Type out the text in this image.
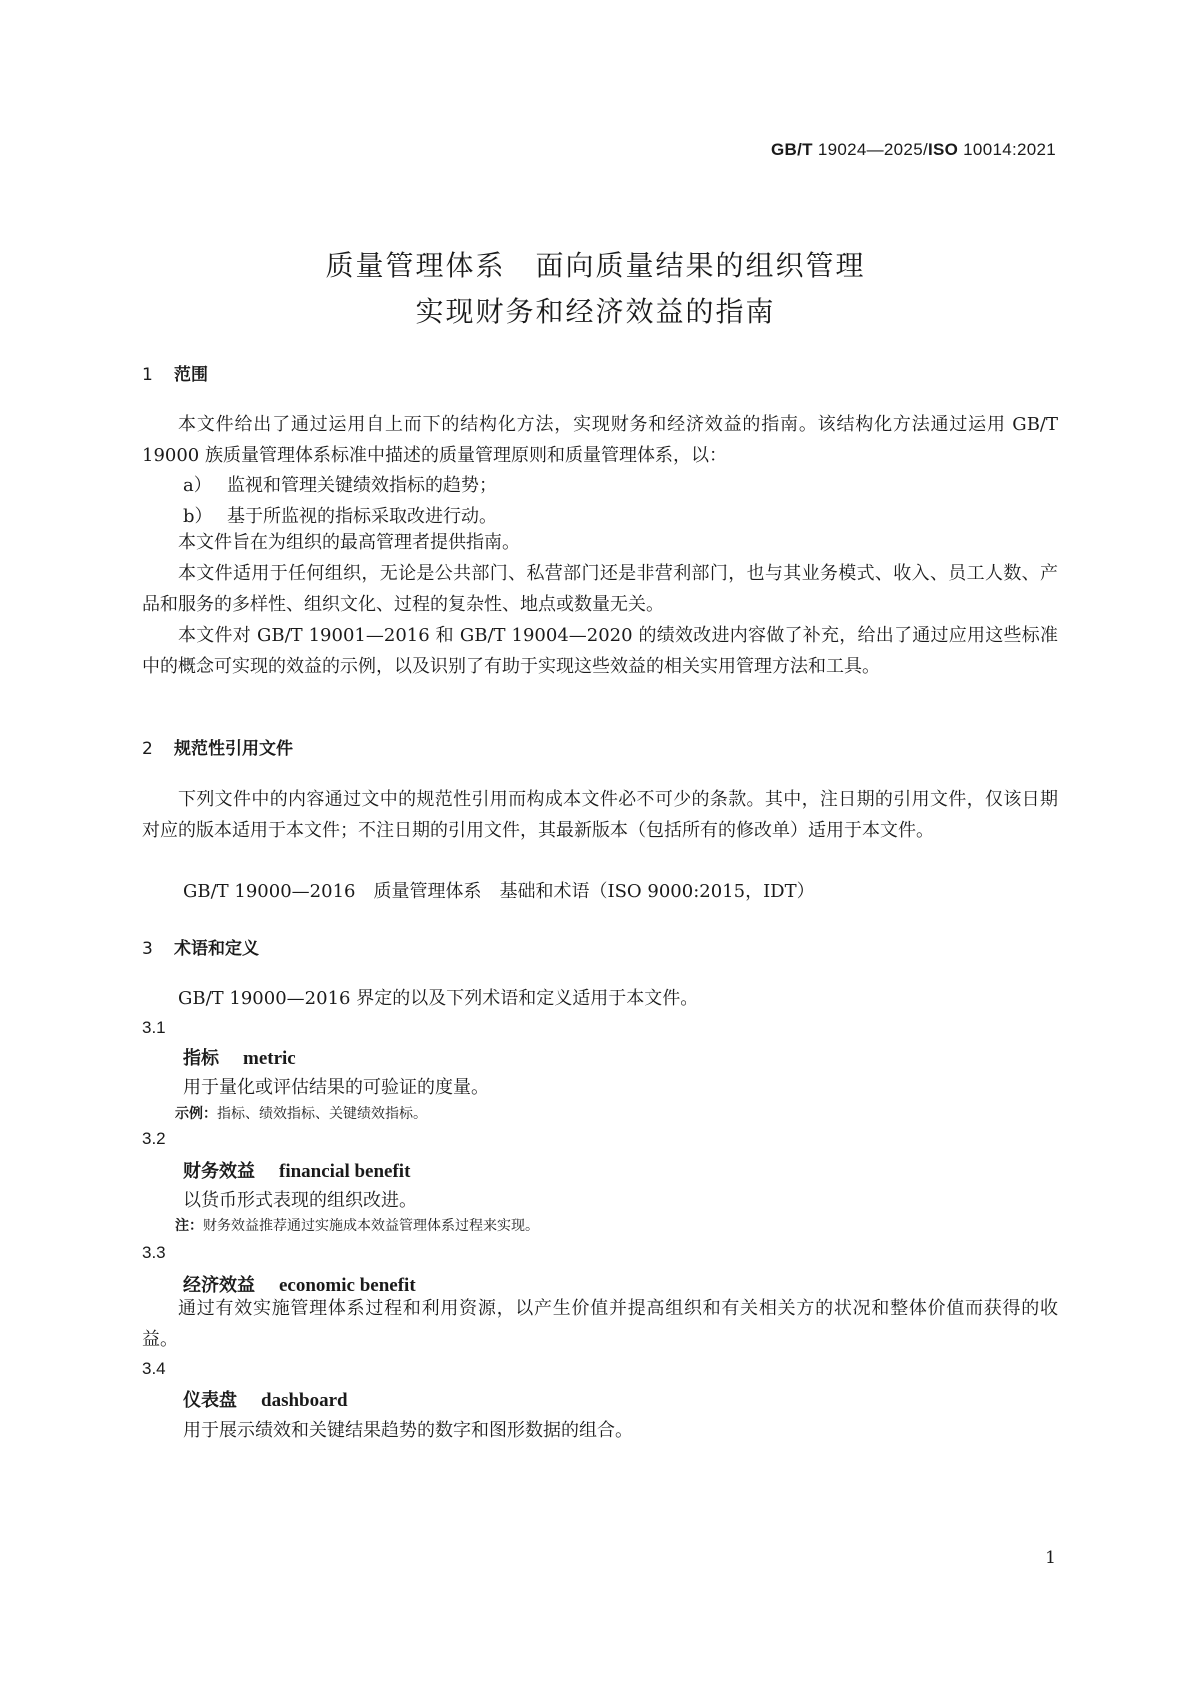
GB/T 19024—2025/ISO 10014:2021
质量管理体系　面向质量结果的组织管理
实现财务和经济效益的指南
1 范围

本文件给出了通过运用自上而下的结构化方法，实现财务和经济效益的指南。该结构化方法通过运用 GB/T 19000 族质量管理体系标准中描述的质量管理原则和质量管理体系，以：

a） 监视和管理关键绩效指标的趋势；
b） 基于所监视的指标采取改进行动。

本文件旨在为组织的最高管理者提供指南。

本文件适用于任何组织，无论是公共部门、私营部门还是非营利部门，也与其业务模式、收入、员工人数、产品和服务的多样性、组织文化、过程的复杂性、地点或数量无关。

本文件对 GB/T 19001—2016 和 GB/T 19004—2020 的绩效改进内容做了补充，给出了通过应用这些标准中的概念可实现的效益的示例，以及识别了有助于实现这些效益的相关实用管理方法和工具。

2 规范性引用文件

下列文件中的内容通过文中的规范性引用而构成本文件必不可少的条款。其中，注日期的引用文件，仅该日期对应的版本适用于本文件；不注日期的引用文件，其最新版本（包括所有的修改单）适用于本文件。

GB/T 19000—2016　质量管理体系　基础和术语（ISO 9000:2015，IDT）
3 术语和定义

GB/T 19000—2016 界定的以及下列术语和定义适用于本文件。

3.1
指标 metric
用于量化或评估结果的可验证的度量。
示例：指标、绩效指标、关键绩效指标。
3.2
财务效益 financial benefit
以货币形式表现的组织改进。
注：财务效益推荐通过实施成本效益管理体系过程来实现。
3.3
经济效益 economic benefit

通过有效实施管理体系过程和利用资源，以产生价值并提高组织和有关相关方的状况和整体价值而获得的收益。

3.4
仪表盘 dashboard
用于展示绩效和关键结果趋势的数字和图形数据的组合。
1
